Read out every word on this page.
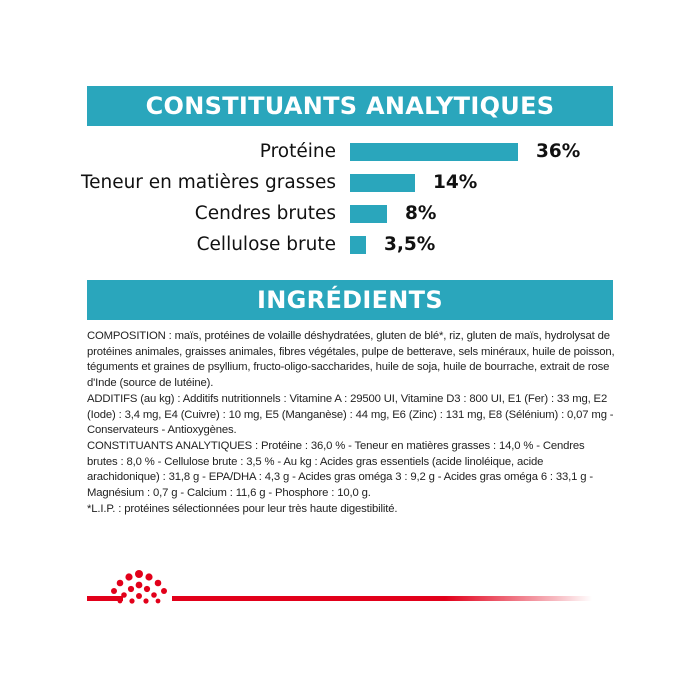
CONSTITUANTS ANALYTIQUES
Protéine	36%
Teneur en matières grasses	14%
Cendres brutes	8%
Cellulose brute	3,5%
INGRÉDIENTS

COMPOSITION : maïs, protéines de volaille déshydratées, gluten de blé*, riz, gluten de maïs, hydrolysat de protéines animales, graisses animales, fibres végétales, pulpe de betterave, sels minéraux, huile de poisson, téguments et graines de psyllium, fructo-oligo-saccharides, huile de soja, huile de bourrache, extrait de rose d'Inde (source de lutéine).

ADDITIFS (au kg) : Additifs nutritionnels : Vitamine A : 29500 UI, Vitamine D3 : 800 UI, E1 (Fer) : 33 mg, E2 (Iode) : 3,4 mg, E4 (Cuivre) : 10 mg, E5 (Manganèse) : 44 mg, E6 (Zinc) : 131 mg, E8 (Sélénium) : 0,07 mg - Conservateurs - Antioxygènes.

CONSTITUANTS ANALYTIQUES : Protéine : 36,0 % - Teneur en matières grasses : 14,0 % - Cendres brutes : 8,0 % - Cellulose brute : 3,5 % - Au kg : Acides gras essentiels (acide linoléique, acide arachidonique) : 31,8 g - EPA/DHA : 4,3 g - Acides gras oméga 3 : 9,2 g - Acides gras oméga 6 : 33,1 g - Magnésium : 0,7 g - Calcium : 11,6 g - Phosphore : 10,0 g.

*L.I.P. : protéines sélectionnées pour leur très haute digestibilité.
